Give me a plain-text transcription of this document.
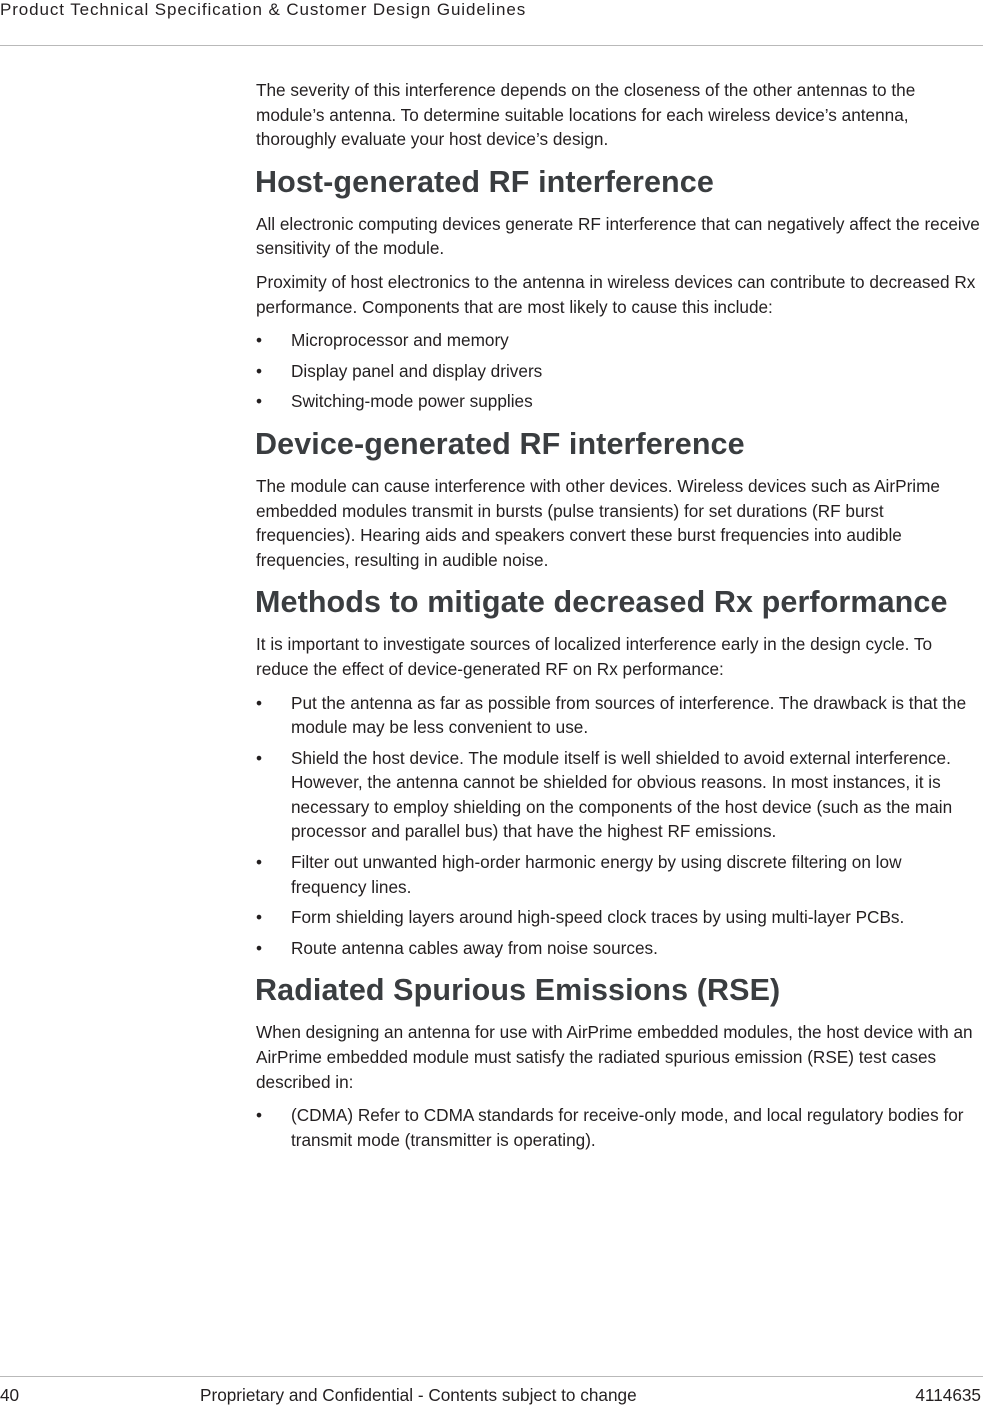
Product Technical Specification & Customer Design Guidelines

The severity of this interference depends on the closeness of the other antennas to the module’s antenna. To determine suitable locations for each wireless device’s antenna, thoroughly evaluate your host device’s design.

Host-generated RF interference

All electronic computing devices generate RF interference that can negatively affect the receive sensitivity of the module.

Proximity of host electronics to the antenna in wireless devices can contribute to decreased Rx performance. Components that are most likely to cause this include:

• Microprocessor and memory
• Display panel and display drivers
• Switching-mode power supplies
Device-generated RF interference

The module can cause interference with other devices. Wireless devices such as AirPrime embedded modules transmit in bursts (pulse transients) for set durations (RF burst frequencies). Hearing aids and speakers convert these burst frequencies into audible frequencies, resulting in audible noise.

Methods to mitigate decreased Rx performance

It is important to investigate sources of localized interference early in the design cycle. To reduce the effect of device-generated RF on Rx performance:

• Put the antenna as far as possible from sources of interference. The drawback is that the module may be less convenient to use.
• Shield the host device. The module itself is well shielded to avoid external interference. However, the antenna cannot be shielded for obvious reasons. In most instances, it is necessary to employ shielding on the components of the host device (such as the main processor and parallel bus) that have the highest RF emissions.
• Filter out unwanted high-order harmonic energy by using discrete filtering on low frequency lines.
• Form shielding layers around high-speed clock traces by using multi-layer PCBs.
• Route antenna cables away from noise sources.
Radiated Spurious Emissions (RSE)

When designing an antenna for use with AirPrime embedded modules, the host device with an AirPrime embedded module must satisfy the radiated spurious emission (RSE) test cases described in:

• (CDMA) Refer to CDMA standards for receive-only mode, and local regulatory bodies for transmit mode (transmitter is operating).
40	Proprietary and Confidential - Contents subject to change	4114635
